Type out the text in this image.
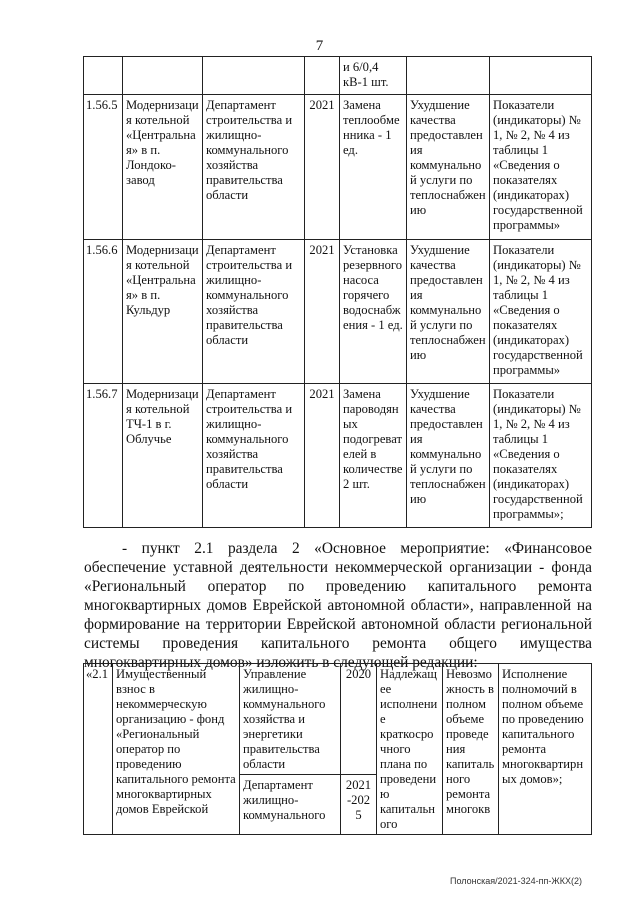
7
				и 6/0,4 кВ-1 шт.		
1.56.5	Модернизация котельной «Центральная» в п. Лондоко-завод	Департамент строительства и жилищно-коммунального хозяйства правительства области	2021	Замена теплообменника - 1 ед.	Ухудшение качества предоставления коммунальной услуги по теплоснабжению	Показатели (индикаторы) № 1, № 2, № 4 из таблицы 1 «Сведения о показателях (индикаторах) государственной программы»
1.56.6	Модернизация котельной «Центральная» в п. Кульдур	Департамент строительства и жилищно-коммунального хозяйства правительства области	2021	Установка резервного насоса горячего водоснабжения - 1 ед.	Ухудшение качества предоставления коммунальной услуги по теплоснабжению	Показатели (индикаторы) № 1, № 2, № 4 из таблицы 1 «Сведения о показателях (индикаторах) государственной программы»
1.56.7	Модернизация котельной ТЧ-1 в г. Облучье	Департамент строительства и жилищно-коммунального хозяйства правительства области	2021	Замена пароводяных подогревателей в количестве 2 шт.	Ухудшение качества предоставления коммунальной услуги по теплоснабжению	Показатели (индикаторы) № 1, № 2, № 4 из таблицы 1 «Сведения о показателях (индикаторах) государственной программы»;
- пункт 2.1 раздела 2 «Основное мероприятие: «Финансовое
обеспечение уставной деятельности некоммерческой организации - фонда
«Региональный оператор по проведению капитального ремонта
многоквартирных домов Еврейской автономной области», направленной на
формирование на территории Еврейской автономной области региональной
системы проведения капитального ремонта общего имущества
многоквартирных домов» изложить в следующей редакции:
«2.1	Имущественный взнос в некоммерческую организацию - фонд «Региональный оператор по проведению капитального ремонта многоквартирных домов Еврейской	Управление жилищно-коммунального хозяйства и энергетики правительства области	2020	Надлежащее исполнение краткосрочного плана по проведению капитального	Невозможность в полном объеме проведения капитального ремонта многокв	Исполнение полномочий в полном объеме по проведению капитального ремонта многоквартирных домов»;
		Департамент жилищно-коммунального	2021-2025			
Полонская/2021-324-пп-ЖКХ(2)
